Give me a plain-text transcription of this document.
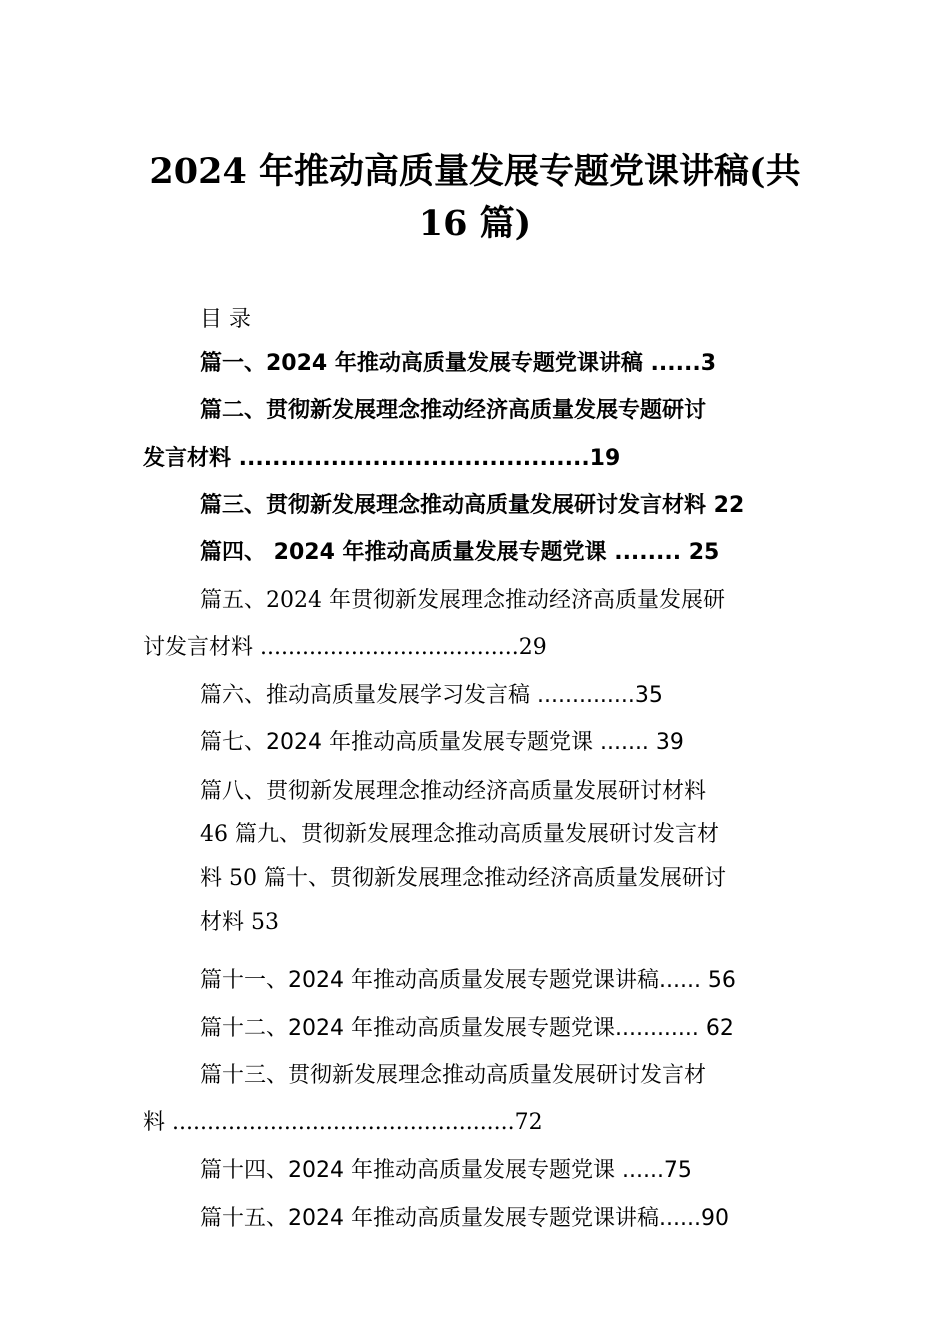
2024 年推动高质量发展专题党课讲稿(共
16 篇)
目 录
篇一、2024 年推动高质量发展专题党课讲稿 ......3
篇二、贯彻新发展理念推动经济高质量发展专题研讨
发言材料 ..........................................19
篇三、贯彻新发展理念推动高质量发展研讨发言材料 22
篇四、 2024 年推动高质量发展专题党课 ........ 25
篇五、2024 年贯彻新发展理念推动经济高质量发展研
讨发言材料 .....................................29
篇六、推动高质量发展学习发言稿 ..............35
篇七、2024 年推动高质量发展专题党课 ....... 39
篇八、贯彻新发展理念推动经济高质量发展研讨材料
46 篇九、贯彻新发展理念推动高质量发展研讨发言材
料 50 篇十、贯彻新发展理念推动经济高质量发展研讨
材料 53
篇十一、2024 年推动高质量发展专题党课讲稿...... 56
篇十二、2024 年推动高质量发展专题党课............ 62
篇十三、贯彻新发展理念推动高质量发展研讨发言材
料 .................................................72
篇十四、2024 年推动高质量发展专题党课 ......75
篇十五、2024 年推动高质量发展专题党课讲稿......90
